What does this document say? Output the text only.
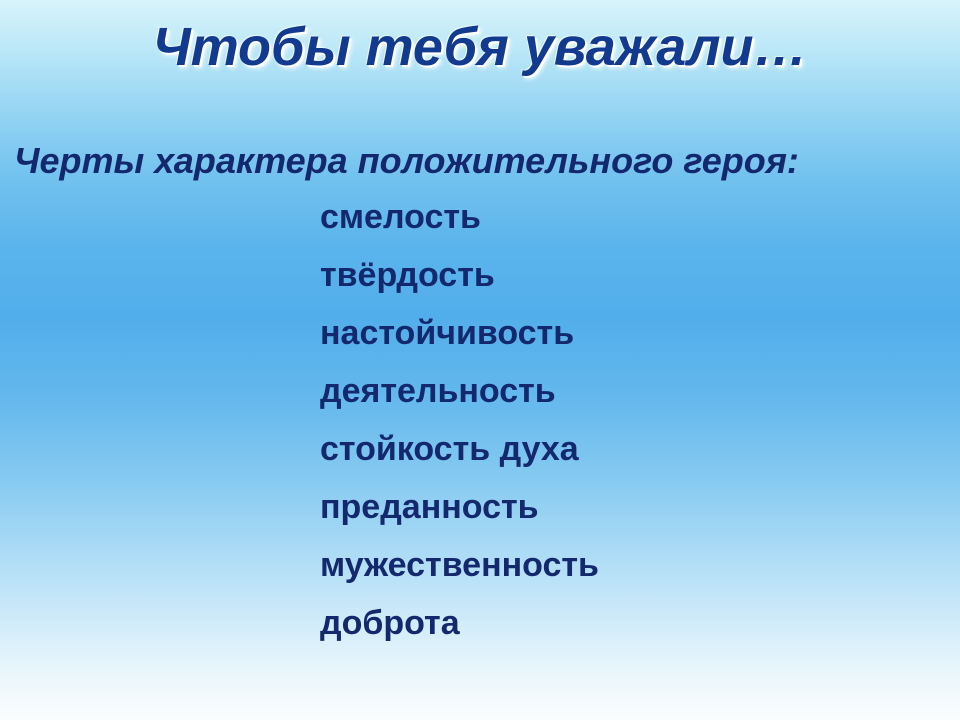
Чтобы тебя уважали…
Черты характера положительного героя:
смелость
твёрдость
настойчивость
деятельность
стойкость духа
преданность
мужественность
доброта
